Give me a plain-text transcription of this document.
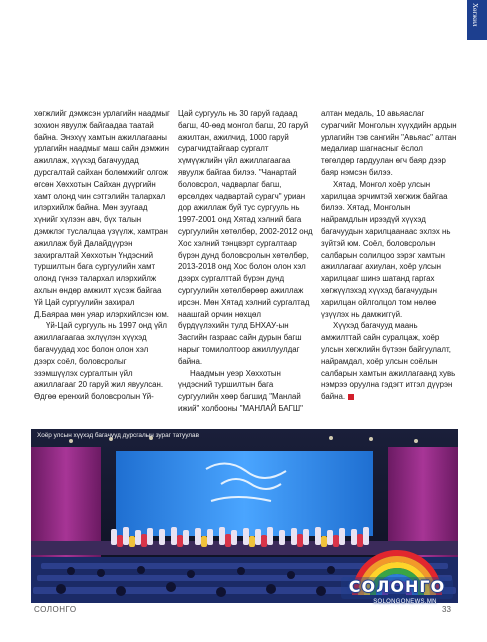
Хөгжил

хөгжлийг дэмжсэн урлагийн наадмыг зохион явуулж байгаадаа таатай байна. Энэхүү хамтын ажиллагааны урлагийн наадмыг маш сайн дэмжин ажиллаж, хүүхэд багачуудад дурсгалтай сайхан болөмжийг олгож өгсөн Хөххотын Сайхан дүүргийн хамт олонд чин сэтгэлийн талархал илэрхийлж байна. Мөн зуугаад хүнийг хүлээн авч, бүх талын дэмжлэг туслалцаа үзүүлж, хамтран ажиллаж буй Далайдүүрэн захиргалтай Хөххотын Үндэсний туршилтын бага сургуулийн хамт олонд гүнээ талархал илэрхийлж ахлын өндөр амжилт хүсэж байгаа Үй Цай сургуулийн захирал Д.Баяраа мөн уяар илэрхийлсэн юм.

Үй-Цай сургууль нь 1997 онд үйл ажиллагаагаа эхлүүлэн хүүхэд багачуудад хос болон олон хэл дээрх соёл, боловсролыг эзэмшүүлэх сургалтын үйл ажиллагааг 20 гаруй жил явуулсан. Өдгөө еренхий боловсролын Үй-

Цай сургууль нь 30 гаруй гадаад багш, 40-өөд монгол багш, 20 гаруй ажилтан, ажилчид, 1000 гаруй сурагчидтайгаар сургалт хүмүүжлийн үйл ажиллагаагаа явуулж байгаа билээ. "Чанартай боловсрол, чадварлаг багш, өрсөлдөх чадвартай сурагч" уриан дор ажиллаж буй тус сургууль нь 1997-2001 онд Хятад хэлний бага сургуулийн хөтөлбөр, 2002-2012 онд Хос хэлний тэнцвэрт сургалтаар бүрэн дунд боловсролын хөтөлбөр, 2013-2018 онд Хос болон олон хэл дээрх сургалттай бүрэн дунд сургуулийн хөтөлбөрөөр ажиллаж ирсэн. Мөн Хятад хэлний сургалтад наашгай орчин нөхцөл бүрдүүлэхийн тулд БНХАУ-ын Засгийн газраас сайн дурын багш нарыг томилолтоор ажиллуулдаг байна.

Наадмын уеэр Хөххотын үндэсний туршилтын бага сургуулийн хөөр багшид "Манлай ижий" холбооны "МАНЛАЙ БАГШ"

алтан медаль, 10 авьяаслаг сурагчийг Монголын хүүхдийн ардын урлагийн тэв сангийн "Авьяас" алтан медалиар шагнасныг ёслол төгөлдөр гардуулан өгч баяр дээр баяр нэмсэн билээ.

Хятад, Монгол хоёр улсын харилцаа эрчимтэй хөгжиж байгаа билээ. Хятад, Монголын найрамдлын ирээдүй хүүхэд багачуудын харилцаанаас эхлэх нь зүйтэй юм. Соёл, боловсролын салбарын солилцоо зэрэг хамтын ажиллагааг ахиулан, хоёр улсын харилцааг шинэ шатанд гаргах хөгжүүлэхэд хүүхэд багачуудын харилцан ойлголцол том нөлөө үзүүлэх нь дамжиггүй.

Хүүхэд багачууд маань амжилттай сайн суралцаж, хоёр улсын хөгжлийн бүтээн байгуулалт, найрамдал, хоёр улсын соёлын салбарын хамтын ажиллагаанд хувь нэмрээ оруулна гэдэгт итгэл дүүрэн байна.

Хоёр улсын хүүхэд багачууд дурсгалын зураг татуулав
СОЛОНГО
SOLONGONEWS.MN
СОЛОНГО	33
